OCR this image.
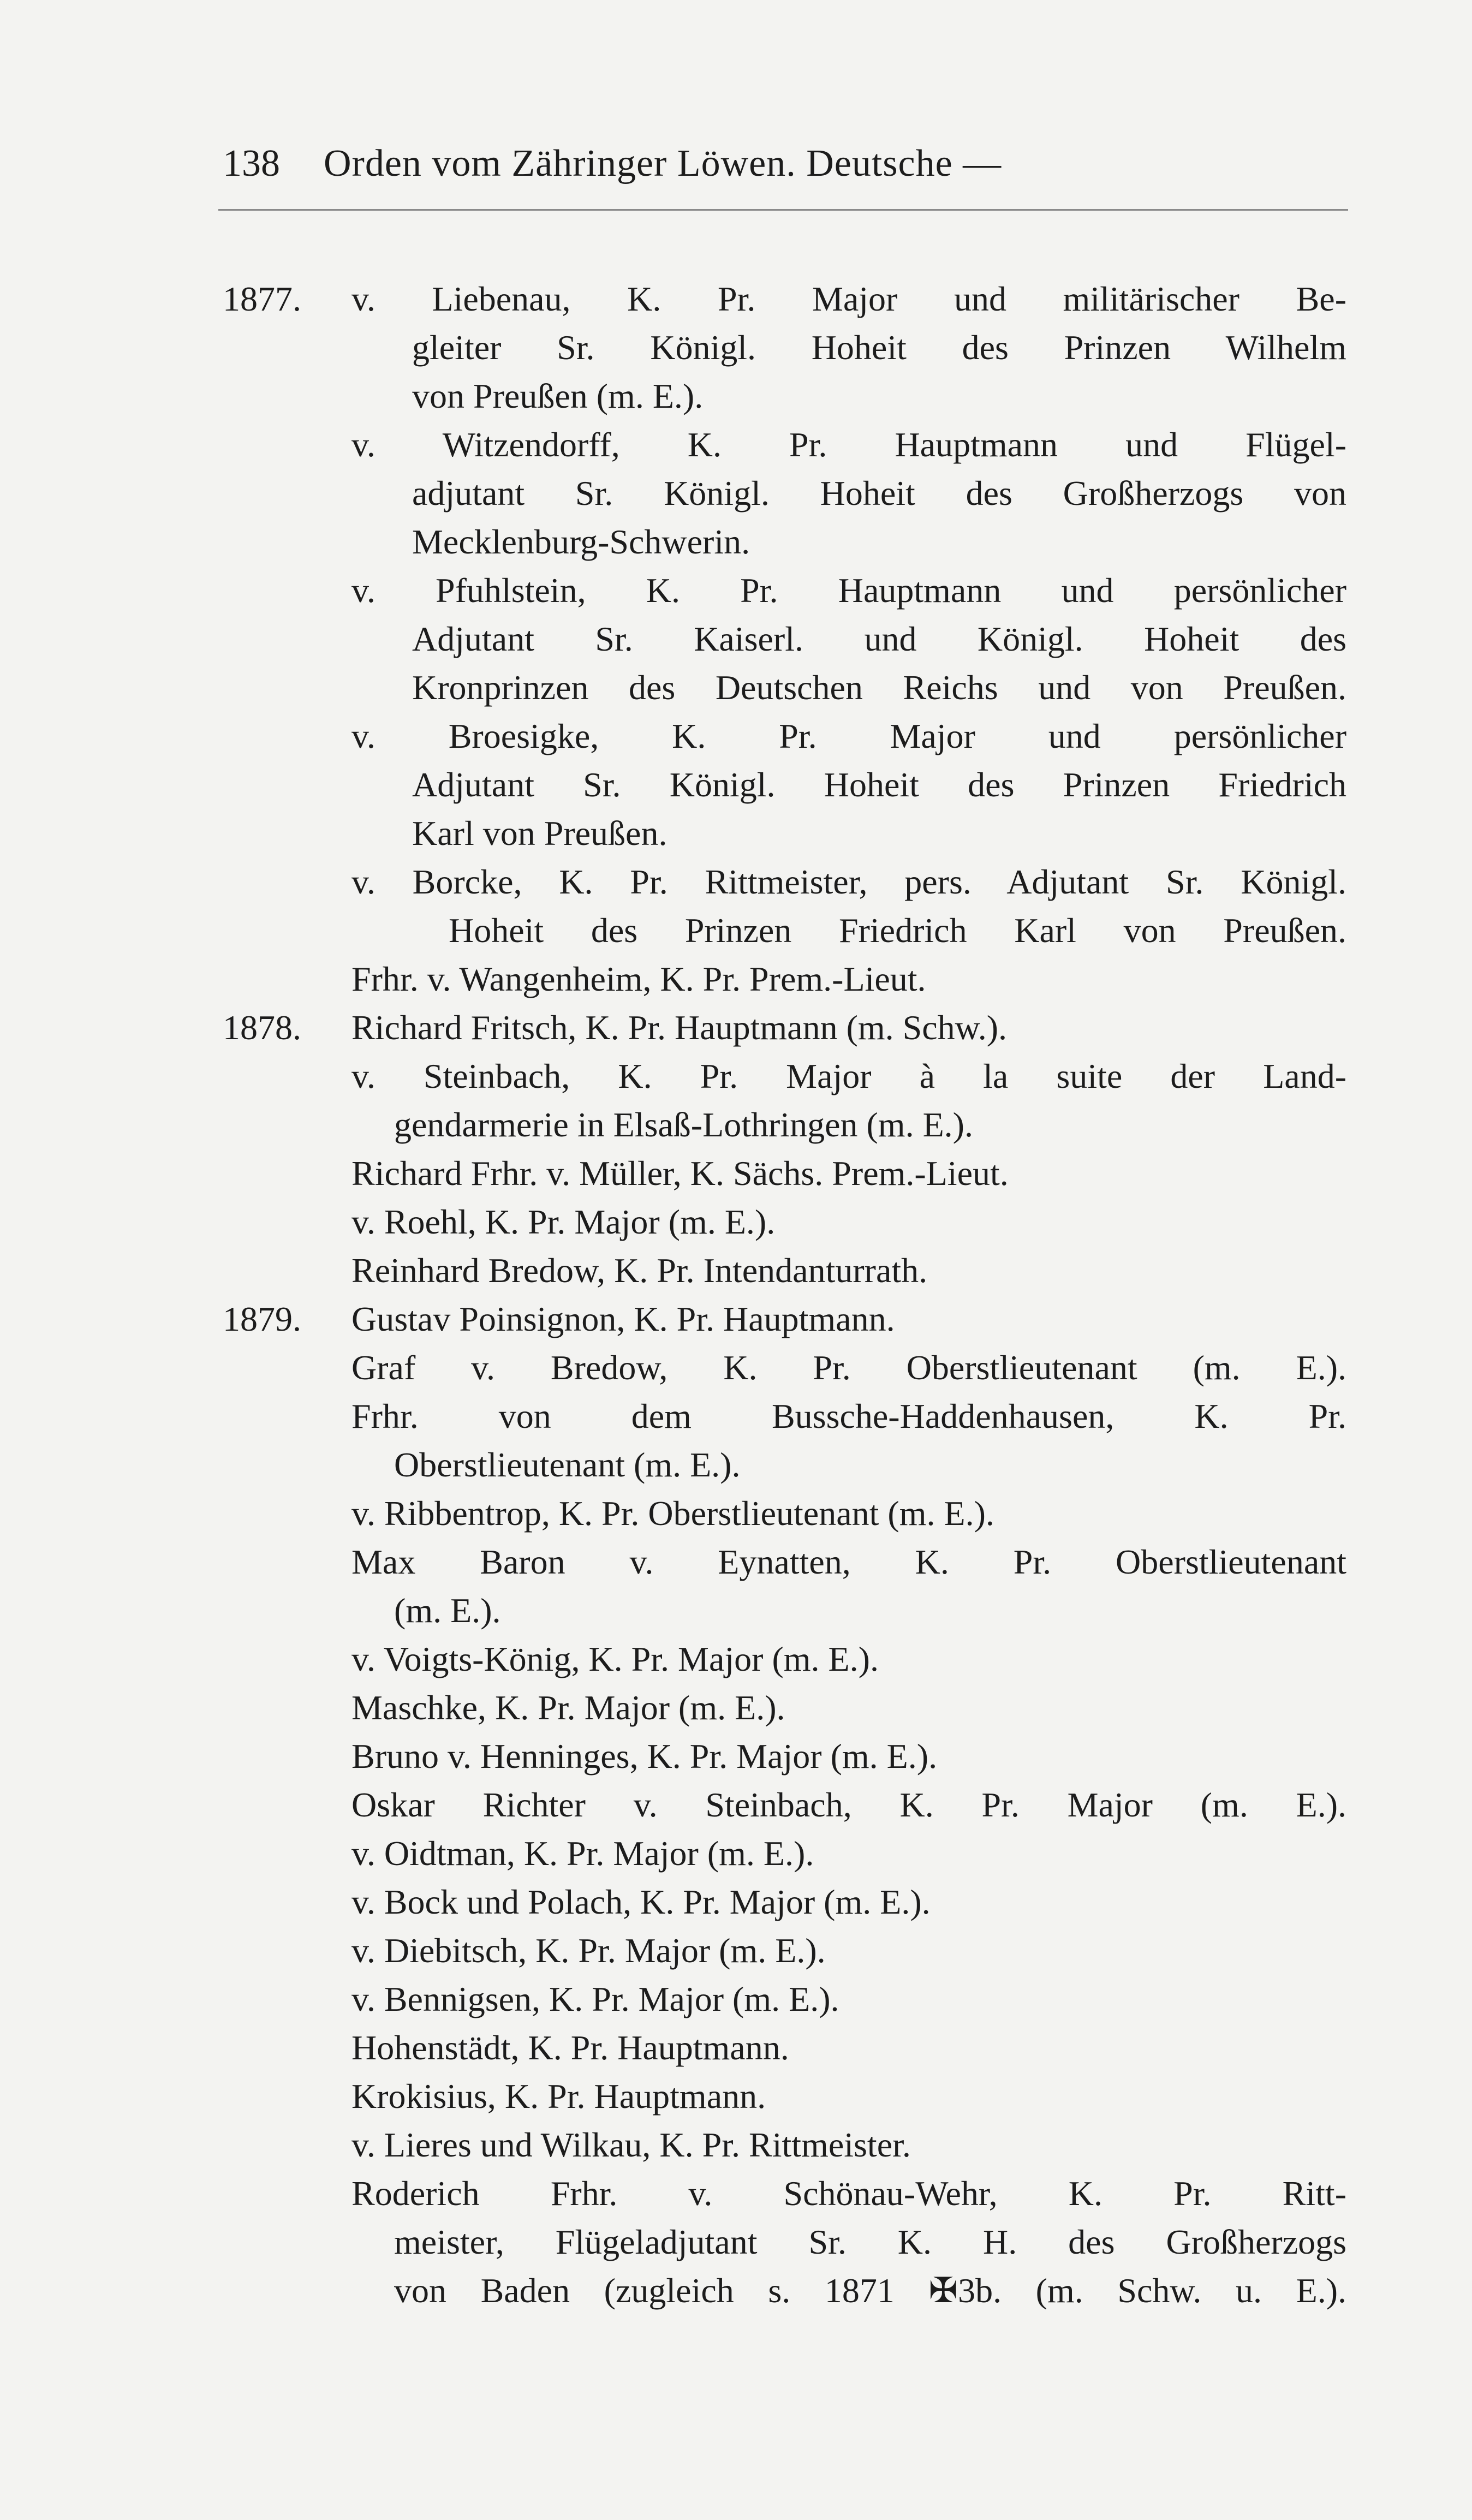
138 Orden vom Zähringer Löwen. Deutsche —
1877. v. Liebenau, K. Pr. Major und militärischer Be-
gleiter Sr. Königl. Hoheit des Prinzen Wilhelm
von Preußen (m. E.).
v. Witzendorff, K. Pr. Hauptmann und Flügel-
adjutant Sr. Königl. Hoheit des Großherzogs von
Mecklenburg-Schwerin.
v. Pfuhlstein, K. Pr. Hauptmann und persönlicher
Adjutant Sr. Kaiserl. und Königl. Hoheit des
Kronprinzen des Deutschen Reichs und von Preußen.
v. Broesigke, K. Pr. Major und persönlicher
Adjutant Sr. Königl. Hoheit des Prinzen Friedrich
Karl von Preußen.
v. Borcke, K. Pr. Rittmeister, pers. Adjutant Sr. Königl.
Hoheit des Prinzen Friedrich Karl von Preußen.
Frhr. v. Wangenheim, K. Pr. Prem.-Lieut.
1878. Richard Fritsch, K. Pr. Hauptmann (m. Schw.).
v. Steinbach, K. Pr. Major à la suite der Land-
gendarmerie in Elsaß-Lothringen (m. E.).
Richard Frhr. v. Müller, K. Sächs. Prem.-Lieut.
v. Roehl, K. Pr. Major (m. E.).
Reinhard Bredow, K. Pr. Intendanturrath.
1879. Gustav Poinsignon, K. Pr. Hauptmann.
Graf v. Bredow, K. Pr. Oberstlieutenant (m. E.).
Frhr. von dem Bussche-Haddenhausen, K. Pr.
Oberstlieutenant (m. E.).
v. Ribbentrop, K. Pr. Oberstlieutenant (m. E.).
Max Baron v. Eynatten, K. Pr. Oberstlieutenant
(m. E.).
v. Voigts-König, K. Pr. Major (m. E.).
Maschke, K. Pr. Major (m. E.).
Bruno v. Henninges, K. Pr. Major (m. E.).
Oskar Richter v. Steinbach, K. Pr. Major (m. E.).
v. Oidtman, K. Pr. Major (m. E.).
v. Bock und Polach, K. Pr. Major (m. E.).
v. Diebitsch, K. Pr. Major (m. E.).
v. Bennigsen, K. Pr. Major (m. E.).
Hohenstädt, K. Pr. Hauptmann.
Krokisius, K. Pr. Hauptmann.
v. Lieres und Wilkau, K. Pr. Rittmeister.
Roderich Frhr. v. Schönau-Wehr, K. Pr. Ritt-
meister, Flügeladjutant Sr. K. H. des Großherzogs
von Baden (zugleich s. 1871 ✠3b. (m. Schw. u. E.).
